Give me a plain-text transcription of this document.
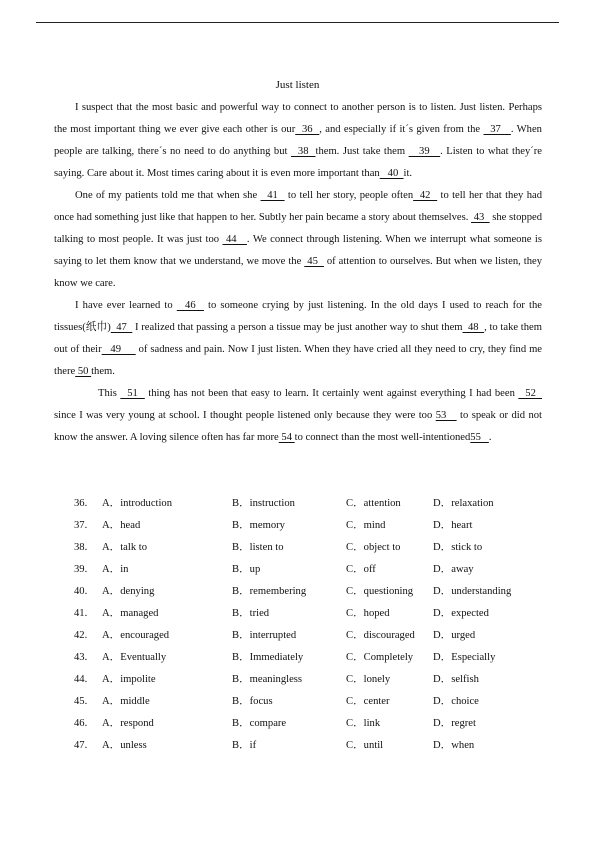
Just listen

I suspect that the most basic and powerful way to connect to another person is to listen. Just listen. Perhaps the most important thing we ever give each other is our  36  , and especially if it´s given from the   37   . When people are talking, there´s no need to do anything but   38  them. Just take them    39   . Listen to what they´re saying. Care about it. Most times caring about it is even more important than   40  it.

One of my patients told me that when she   41   to tell her story, people often  42   to tell her that they had once had something just like that happen to her. Subtly her pain became a story about themselves.  43   she stopped talking to most people. It was just too  44   . We connect through listening. When we interrupt what someone is saying to let them know that we understand, we move the  45   of attention to ourselves. But when we listen, they know we care.

I have ever learned to   46   to someone crying by just listening. In the old days I used to reach for the tissues(纸巾)  47   I realized that passing a person a tissue may be just another way to shut them  48  , to take them out of their   49      of sadness and pain. Now I just listen. When they have cried all they need to cry, they find me there 50 them.

This   51   thing has not been that easy to learn. It certainly went against everything I had been   52   since I was very young at school. I thought people listened only because they were too 53    to speak or did not know the answer. A loving silence often has far more 54 to connect than the most well-intentioned55   .

36. A．introduction	B．instruction	C．attention	D．relaxation
37. A．head	B．memory	C．mind	D．heart
38. A．talk to	B．listen to	C．object to	D．stick to
39. A．in	B．up	C．off	D．away
40. A．denying	B．remembering	C．questioning D．understanding
41. A．managed	B．tried	C．hoped	D．expected
42. A．encouraged	B．interrupted	C．discouraged D．urged
43. A．Eventually	B．Immediately	C．Completely D．Especially
44. A．impolite	B．meaningless	C．lonely	D．selfish
45. A．middle	B．focus	C．center	D．choice
46. A．respond	B．compare	C．link	D．regret
47. A．unless	B．if	C．until	D．when
